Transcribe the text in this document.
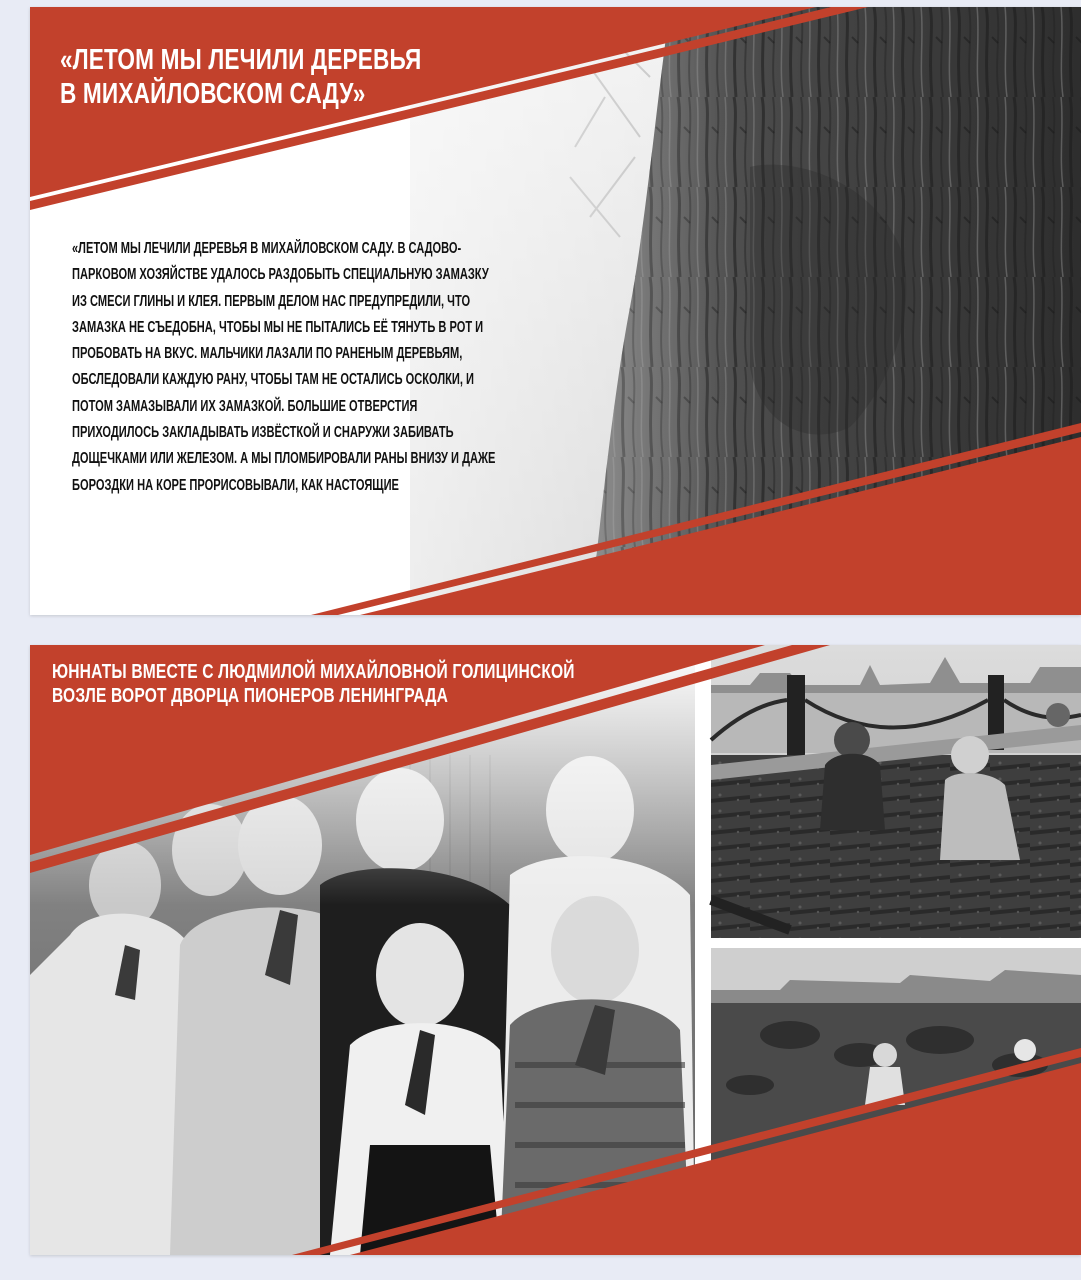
«ЛЕТОМ МЫ ЛЕЧИЛИ ДЕРЕВЬЯ
В МИХАЙЛОВСКОМ САДУ»

«ЛЕТОМ МЫ ЛЕЧИЛИ ДЕРЕВЬЯ В МИХАЙЛОВСКОМ САДУ. В САДОВО-ПАРКОВОМ ХОЗЯЙСТВЕ УДАЛОСЬ РАЗДОБЫТЬ СПЕЦИАЛЬНУЮ ЗАМАЗКУ ИЗ СМЕСИ ГЛИНЫ И КЛЕЯ. ПЕРВЫМ ДЕЛОМ НАС ПРЕДУПРЕДИЛИ, ЧТО ЗАМАЗКА НЕ СЪЕДОБНА, ЧТОБЫ МЫ НЕ ПЫТАЛИСЬ ЕЁ ТЯНУТЬ В РОТ И ПРОБОВАТЬ НА ВКУС. МАЛЬЧИКИ ЛАЗАЛИ ПО РАНЕНЫМ ДЕРЕВЬЯМ, ОБСЛЕДОВАЛИ КАЖДУЮ РАНУ, ЧТОБЫ ТАМ НЕ ОСТАЛИСЬ ОСКОЛКИ, И ПОТОМ ЗАМАЗЫВАЛИ ИХ ЗАМАЗКОЙ. БОЛЬШИЕ ОТВЕРСТИЯ ПРИХОДИЛОСЬ ЗАКЛАДЫВАТЬ ИЗВЁСТКОЙ И СНАРУЖИ ЗАБИВАТЬ ДОЩЕЧКАМИ ИЛИ ЖЕЛЕЗОМ. А МЫ ПЛОМБИРОВАЛИ РАНЫ ВНИЗУ И ДАЖЕ БОРОЗДКИ НА КОРЕ ПРОРИСОВЫВАЛИ, КАК НАСТОЯЩИЕ

ЮННАТЫ ВМЕСТЕ С ЛЮДМИЛОЙ МИХАЙЛОВНОЙ ГОЛИЦИНСКОЙ
ВОЗЛЕ ВОРОТ ДВОРЦА ПИОНЕРОВ ЛЕНИНГРАДА
